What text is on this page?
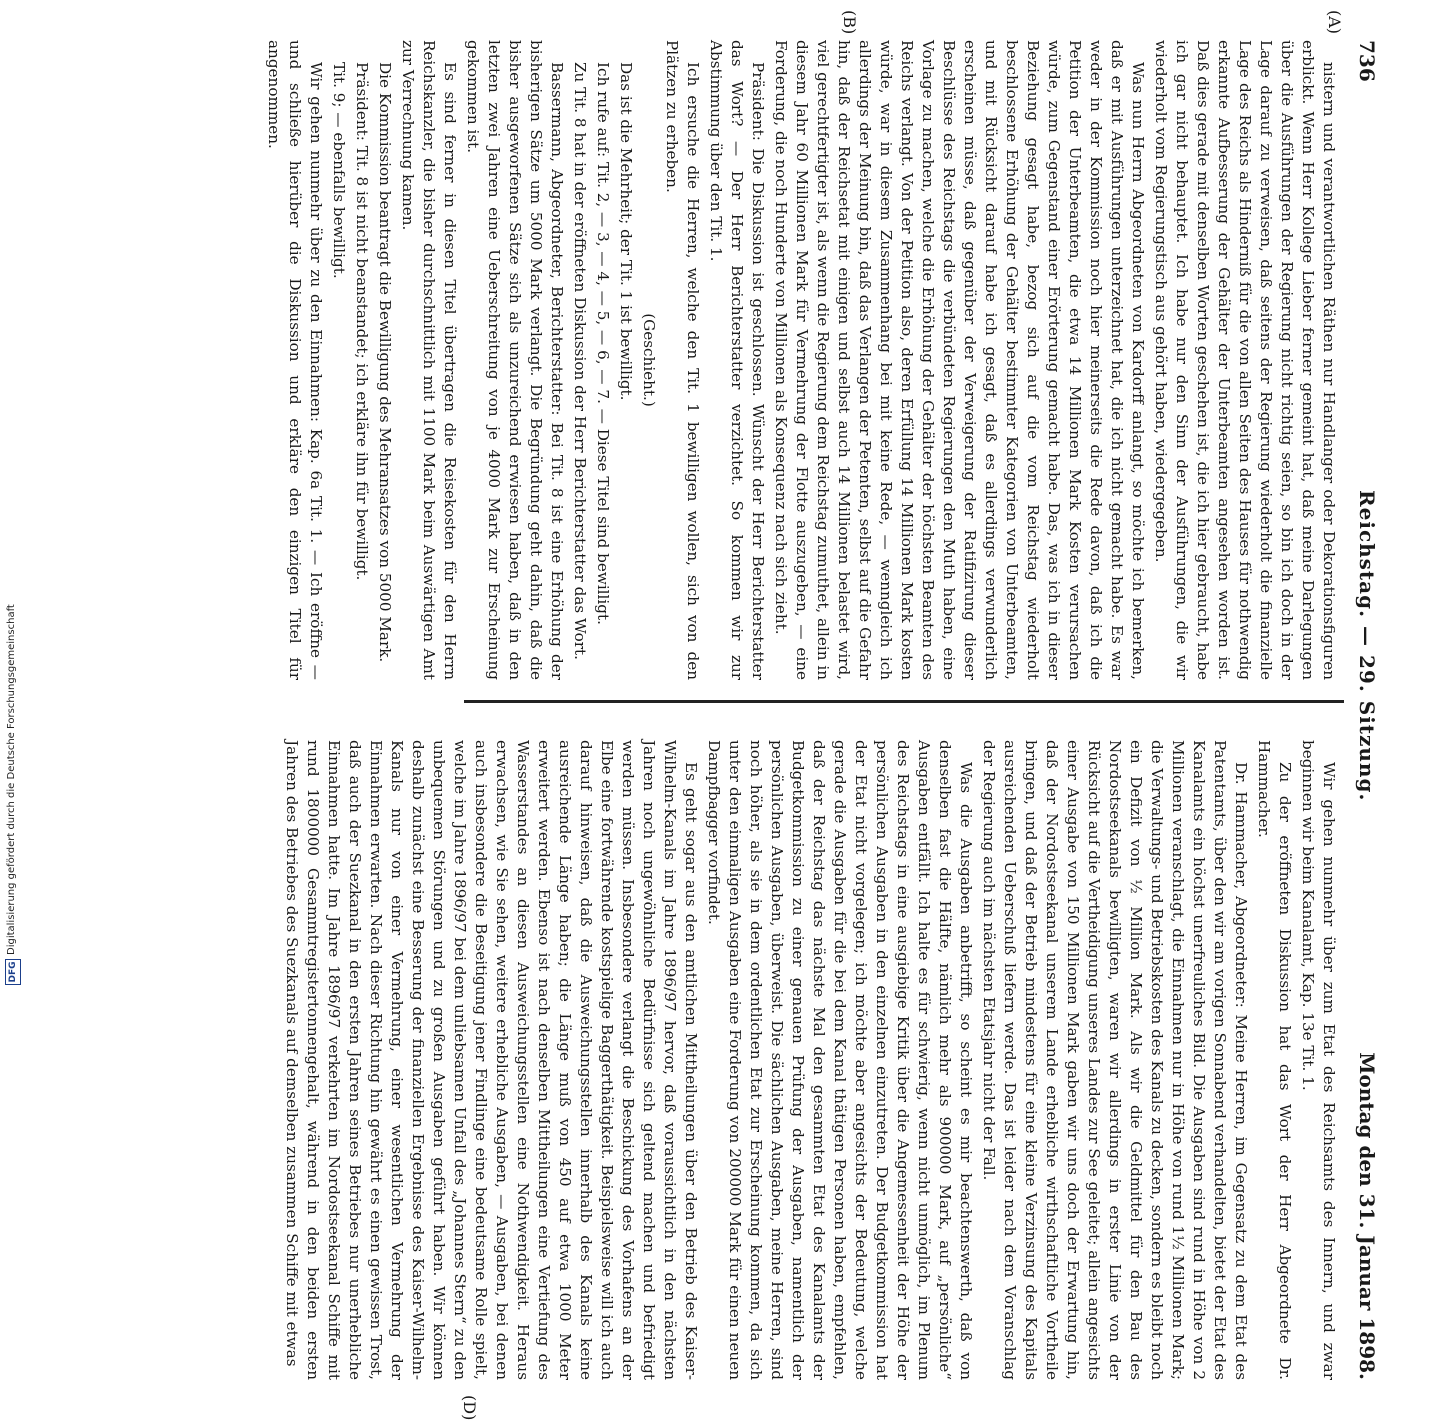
736
Reichstag. — 29. Sitzung.
Montag den 31. Januar 1898.
(A)
(B)
(D)

nistern und verantwortlichen Räthen nur Handlanger oder Dekorationsfiguren erblickt. Wenn Herr Kollege Lieber ferner gemeint hat, daß meine Darlegungen über die Ausführungen der Regierung nicht richtig seien, so bin ich doch in der Lage darauf zu verweisen, daß seitens der Regierung wiederholt die finanzielle Lage des Reichs als Hinderniß für die von allen Seiten des Hauses für nothwendig erkannte Aufbesserung der Gehälter der Unterbeamten angesehen worden ist. Daß dies gerade mit denselben Worten geschehen ist, die ich hier gebraucht, habe ich gar nicht behauptet. Ich habe nur den Sinn der Ausführungen, die wir wiederholt vom Regierungstisch aus gehört haben, wiedergegeben.

Was nun Herrn Abgeordneten von Kardorff anlangt, so möchte ich bemerken, daß er mit Ausführungen unterzeichnet hat, die ich nicht gemacht habe. Es war weder in der Kommission noch hier meinerseits die Rede davon, daß ich die Petition der Unterbeamten, die etwa 14 Millionen Mark Kosten verursachen würde, zum Gegenstand einer Erörterung gemacht habe. Das, was ich in dieser Beziehung gesagt habe, bezog sich auf die vom Reichstag wiederholt beschlossene Erhöhung der Gehälter bestimmter Kategorien von Unterbeamten, und mit Rücksicht darauf habe ich gesagt, daß es allerdings verwunderlich erscheinen müsse, daß gegenüber der Verweigerung der Ratifizirung dieser Beschlüsse des Reichstags die verbündeten Regierungen den Muth haben, eine Vorlage zu machen, welche die Erhöhung der Gehälter der höchsten Beamten des Reichs verlangt. Von der Petition also, deren Erfüllung 14 Millionen Mark kosten würde, war in diesem Zusammenhang bei mit keine Rede, — wenngleich ich allerdings der Meinung bin, daß das Verlangen der Petenten, selbst auf die Gefahr hin, daß der Reichsetat mit einigen und selbst auch 14 Millionen belastet wird, viel gerechtfertigter ist, als wenn die Regierung dem Reichstag zumuthet, allein in diesem Jahr 60 Millionen Mark für Vermehrung der Flotte auszugeben, — eine Forderung, die noch Hunderte von Millionen als Konsequenz nach sich zieht.

Präsident: Die Diskussion ist geschlossen. Wünscht der Herr Berichterstatter das Wort? — Der Herr Berichterstatter verzichtet. So kommen wir zur Abstimmung über den Tit. 1.

Ich ersuche die Herren, welche den Tit. 1 bewilligen wollen, sich von den Plätzen zu erheben.

(Geschieht.)

Das ist die Mehrheit; der Tit. 1 ist bewilligt.

Ich rufe auf: Tit. 2, — 3, — 4, — 5, — 6, — 7. — Diese Titel sind bewilligt.

Zu Tit. 8 hat in der eröffneten Diskussion der Herr Berichterstatter das Wort.

Bassermann, Abgeordneter, Berichterstatter: Bei Tit. 8 ist eine Erhöhung der bisherigen Sätze um 5000 Mark verlangt. Die Begründung geht dahin, daß die bisher ausgeworfenen Sätze sich als unzureichend erwiesen haben, daß in den letzten zwei Jahren eine Ueberschreitung von je 4000 Mark zur Erscheinung gekommen ist.

Es sind ferner in diesen Titel übertragen die Reisekosten für den Herrn Reichskanzler, die bisher durchschnittlich mit 1100 Mark beim Auswärtigen Amt zur Verrechnung kamen.

Die Kommission beantragt die Bewilligung des Mehransatzes von 5000 Mark.

Präsident: Tit. 8 ist nicht beanstandet; ich erkläre ihn für bewilligt.

Tit. 9; — ebenfalls bewilligt.

Wir gehen nunmehr über zu den Einnahmen: Kap. 6a Tit. 1. — Ich eröffne — und schließe hierüber die Diskussion und erkläre den einzigen Titel für angenommen.

Wir gehen nunmehr über zum Etat des Reichsamts des Innern, und zwar beginnen wir beim Kanalamt, Kap. 13e Tit. 1.

Zu der eröffneten Diskussion hat das Wort der Herr Abgeordnete Dr. Hammacher.

Dr. Hammacher, Abgeordneter: Meine Herren, im Gegensatz zu dem Etat des Patentamts, über den wir am vorigen Sonnabend verhandelten, bietet der Etat des Kanalamts ein höchst unerfreuliches Bild. Die Ausgaben sind rund in Höhe von 2 Millionen veranschlagt, die Einnahmen nur in Höhe von rund 1½ Millionen Mark; die Verwaltungs- und Betriebskosten des Kanals zu decken, sondern es bleibt noch ein Defizit von ½ Million Mark. Als wir die Geldmittel für den Bau des Nordostseekanals bewilligten, waren wir allerdings in erster Linie von der Rücksicht auf die Vertheidigung unseres Landes zur See geleitet; allein angesichts einer Ausgabe von 150 Millionen Mark gaben wir uns doch der Erwartung hin, daß der Nordostseekanal unserem Lande erhebliche wirthschaftliche Vortheile bringen, und daß der Betrieb mindestens für eine kleine Verzinsung des Kapitals ausreichenden Ueberschuß liefern werde. Das ist leider nach dem Voranschlag der Regierung auch im nächsten Etatsjahr nicht der Fall.

Was die Ausgaben anbetrifft, so scheint es mir beachtenswerth, daß von denselben fast die Hälfte, nämlich mehr als 900000 Mark, auf „persönliche“ Ausgaben entfällt. Ich halte es für schwierig, wenn nicht unmöglich, im Plenum des Reichstags in eine ausgiebige Kritik über die Angemessenheit der Höhe der persönlichen Ausgaben in den einzelnen einzutreten. Der Budgetkommission hat der Etat nicht vorgelegen; ich möchte aber angesichts der Bedeutung, welche gerade die Ausgaben für die bei dem Kanal thätigen Personen haben, empfehlen, daß der Reichstag das nächste Mal den gesammten Etat des Kanalamts der Budgetkommission zu einer genauen Prüfung der Ausgaben, namentlich der persönlichen Ausgaben, überweist. Die sächlichen Ausgaben, meine Herren, sind noch höher, als sie in dem ordentlichen Etat zur Erscheinung kommen, da sich unter den einmaligen Ausgaben eine Forderung von 200000 Mark für einen neuen Dampfbagger vorfindet.

Es geht sogar aus den amtlichen Mittheilungen über den Betrieb des Kaiser-Wilhelm-Kanals im Jahre 1896/97 hervor, daß voraussichtlich in den nächsten Jahren noch ungewöhnliche Bedürfnisse sich geltend machen und befriedigt werden müssen. Insbesondere verlangt die Beschickung des Vorhafens an der Elbe eine fortwährende kostspielige Baggerthätigkeit. Beispielsweise will ich auch darauf hinweisen, daß die Ausweichungsstellen innerhalb des Kanals keine ausreichende Länge haben; die Länge muß von 450 auf etwa 1000 Meter erweitert werden. Ebenso ist nach denselben Mittheilungen eine Vertiefung des Wasserstandes an diesen Ausweichungsstellen eine Nothwendigkeit. Heraus erwachsen, wie Sie sehen, weitere erhebliche Ausgaben, — Ausgaben, bei denen auch insbesondere die Beseitigung jener Findlinge eine bedeutsame Rolle spielt, welche im Jahre 1896/97 bei dem unliebsamen Unfall des „Johannes Stern“ zu den unbequemen Störungen und zu großen Ausgaben geführt haben. Wir können deshalb zunächst eine Besserung der finanziellen Ergebnisse des Kaiser-Wilhelm-Kanals nur von einer Vermehrung, einer wesentlichen Vermehrung der Einnahmen erwarten. Nach dieser Richtung hin gewährt es einen gewissen Trost, daß auch der Suezkanal in den ersten Jahren seines Betriebes nur unerhebliche Einnahmen hatte. Im Jahre 1896/97 verkehrten im Nordostseekanal Schiffe mit rund 1800000 Gesammtregistertonnengehalt, während in den beiden ersten Jahren des Betriebes des Suezkanals auf demselben zusammen Schiffe mit etwas

DFG
Digitalisierung gefördert durch die Deutsche Forschungsgemeinschaft
